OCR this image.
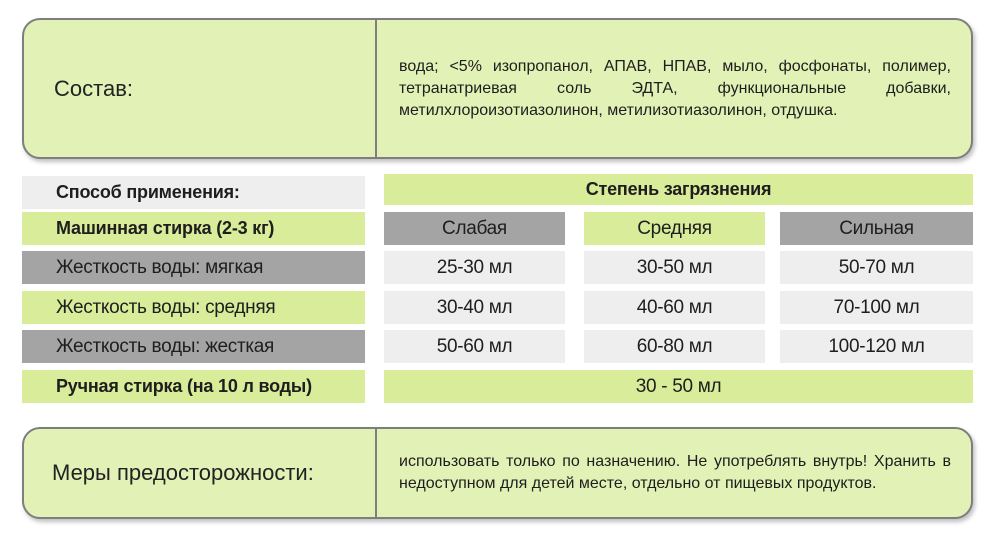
Состав:
вода; <5% изопропанол, АПАВ, НПАВ, мыло, фосфонаты, полимер, тетранатриевая соль ЭДТА, функциональные добавки, метилхлороизотиазолинон, метилизотиазолинон, отдушка.
Способ применения:	Степень загрязнения
Машинная стирка (2-3 кг)	Слабая	Средняя	Сильная
Жесткость воды: мягкая	25-30 мл	30-50 мл	50-70 мл
Жесткость воды: средняя	30-40 мл	40-60 мл	70-100 мл
Жесткость воды: жесткая	50-60 мл	60-80 мл	100-120 мл
Ручная стирка (на 10 л воды)	30 - 50 мл
Меры предосторожности:	использовать только по назначению. Не употреблять внутрь! Хранить в недоступном для детей месте, отдельно от пищевых продуктов.
